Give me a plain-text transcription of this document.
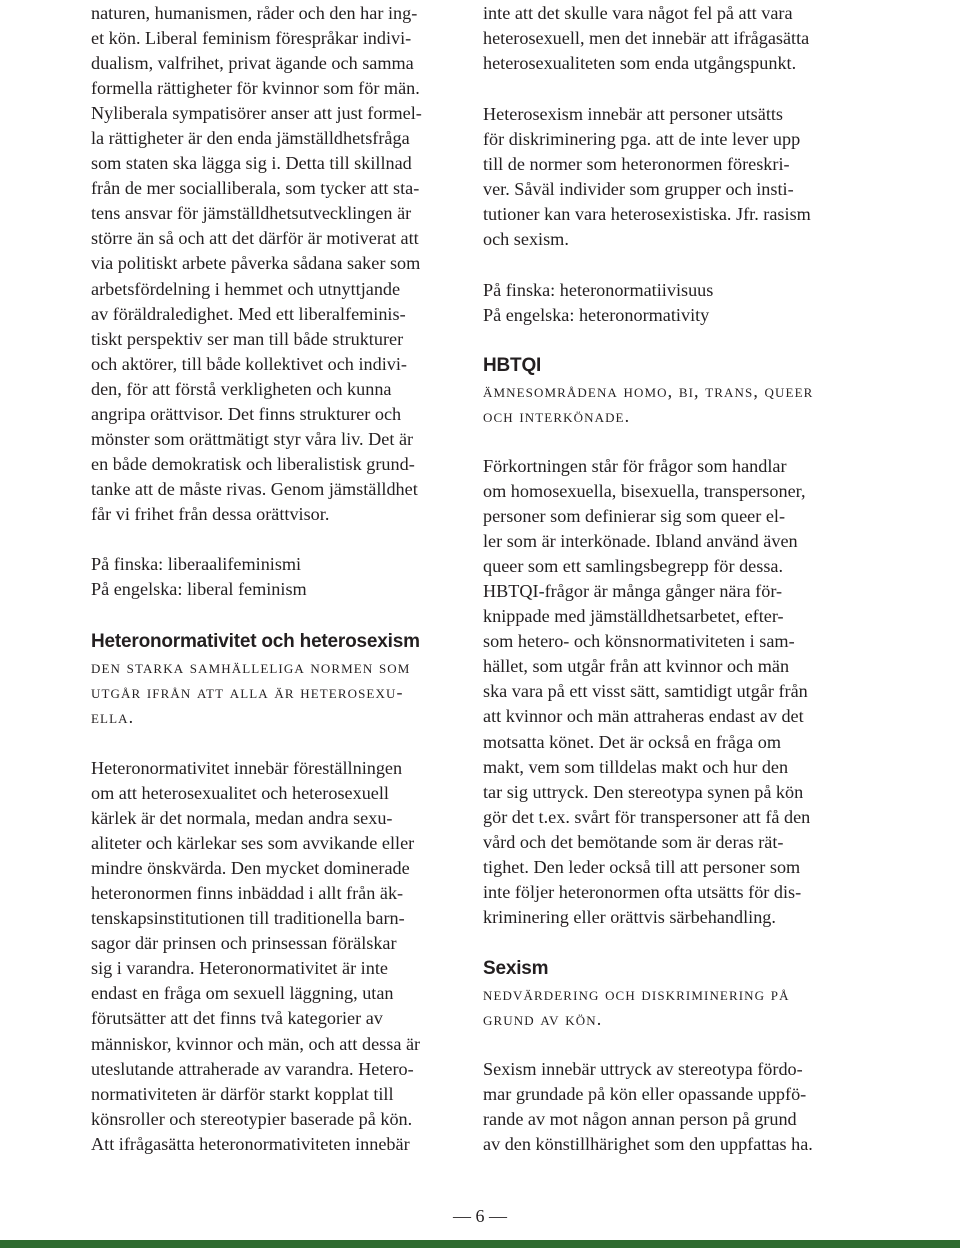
naturen, humanismen, råder och den har ing-
et kön. Liberal feminism förespråkar indivi-
dualism, valfrihet, privat ägande och samma
formella rättigheter för kvinnor som för män.
Nyliberala sympatisörer anser att just formel-
la rättigheter är den enda jämställdhetsfråga
som staten ska lägga sig i. Detta till skillnad
från de mer socialliberala, som tycker att sta-
tens ansvar för jämställdhetsutvecklingen är
större än så och att det därför är motiverat att
via politiskt arbete påverka sådana saker som
arbetsfördelning i hemmet och utnyttjande
av föräldraledighet. Med ett liberalfeminis-
tiskt perspektiv ser man till både strukturer
och aktörer, till både kollektivet och indivi-
den, för att förstå verkligheten och kunna
angripa orättvisor. Det finns strukturer och
mönster som orättmätigt styr våra liv. Det är
en både demokratisk och liberalistisk grund-
tanke att de måste rivas. Genom jämställdhet
får vi frihet från dessa orättvisor.

På finska: liberaalifeminismi

På engelska: liberal feminism

Heteronormativitet och heterosexism
den starka samhälleliga normen som
utgår ifrån att alla är heterosexu-
ella.
Heteronormativitet innebär föreställningen
om att heterosexualitet och heterosexuell
kärlek är det normala, medan andra sexu-
aliteter och kärlekar ses som avvikande eller
mindre önskvärda. Den mycket dominerade
heteronormen finns inbäddad i allt från äk-
tenskapsinstitutionen till traditionella barn-
sagor där prinsen och prinsessan förälskar
sig i varandra. Heteronormativitet är inte
endast en fråga om sexuell läggning, utan
förutsätter att det finns två kategorier av
människor, kvinnor och män, och att dessa är
uteslutande attraherade av varandra. Hetero-
normativiteten är därför starkt kopplat till
könsroller och stereotypier baserade på kön.
Att ifrågasätta heteronormativiteten innebär
inte att det skulle vara något fel på att vara
heterosexuell, men det innebär att ifrågasätta
heterosexualiteten som enda utgångspunkt.
Heterosexism innebär att personer utsätts
för diskriminering pga. att de inte lever upp
till de normer som heteronormen föreskri-
ver. Såväl individer som grupper och insti-
tutioner kan vara heterosexistiska. Jfr. rasism
och sexism.

På finska: heteronormatiivisuus

På engelska: heteronormativity

HBTQI
ämnesområdena homo, bi, trans, queer
och interkönade.
Förkortningen står för frågor som handlar
om homosexuella, bisexuella, transpersoner,
personer som definierar sig som queer el-
ler som är interkönade. Ibland använd även
queer som ett samlingsbegrepp för dessa.
HBTQI-frågor är många gånger nära för-
knippade med jämställdhetsarbetet, efter-
som hetero- och könsnormativiteten i sam-
hället, som utgår från att kvinnor och män
ska vara på ett visst sätt, samtidigt utgår från
att kvinnor och män attraheras endast av det
motsatta könet. Det är också en fråga om
makt, vem som tilldelas makt och hur den
tar sig uttryck. Den stereotypa synen på kön
gör det t.ex. svårt för transpersoner att få den
vård och det bemötande som är deras rät-
tighet. Den leder också till att personer som
inte följer heteronormen ofta utsätts för dis-
kriminering eller orättvis särbehandling.
Sexism
nedvärdering och diskriminering på
grund av kön.
Sexism innebär uttryck av stereotypa fördo-
mar grundade på kön eller opassande uppfö-
rande av mot någon annan person på grund
av den könstillhärighet som den uppfattas ha.
— 6 —
